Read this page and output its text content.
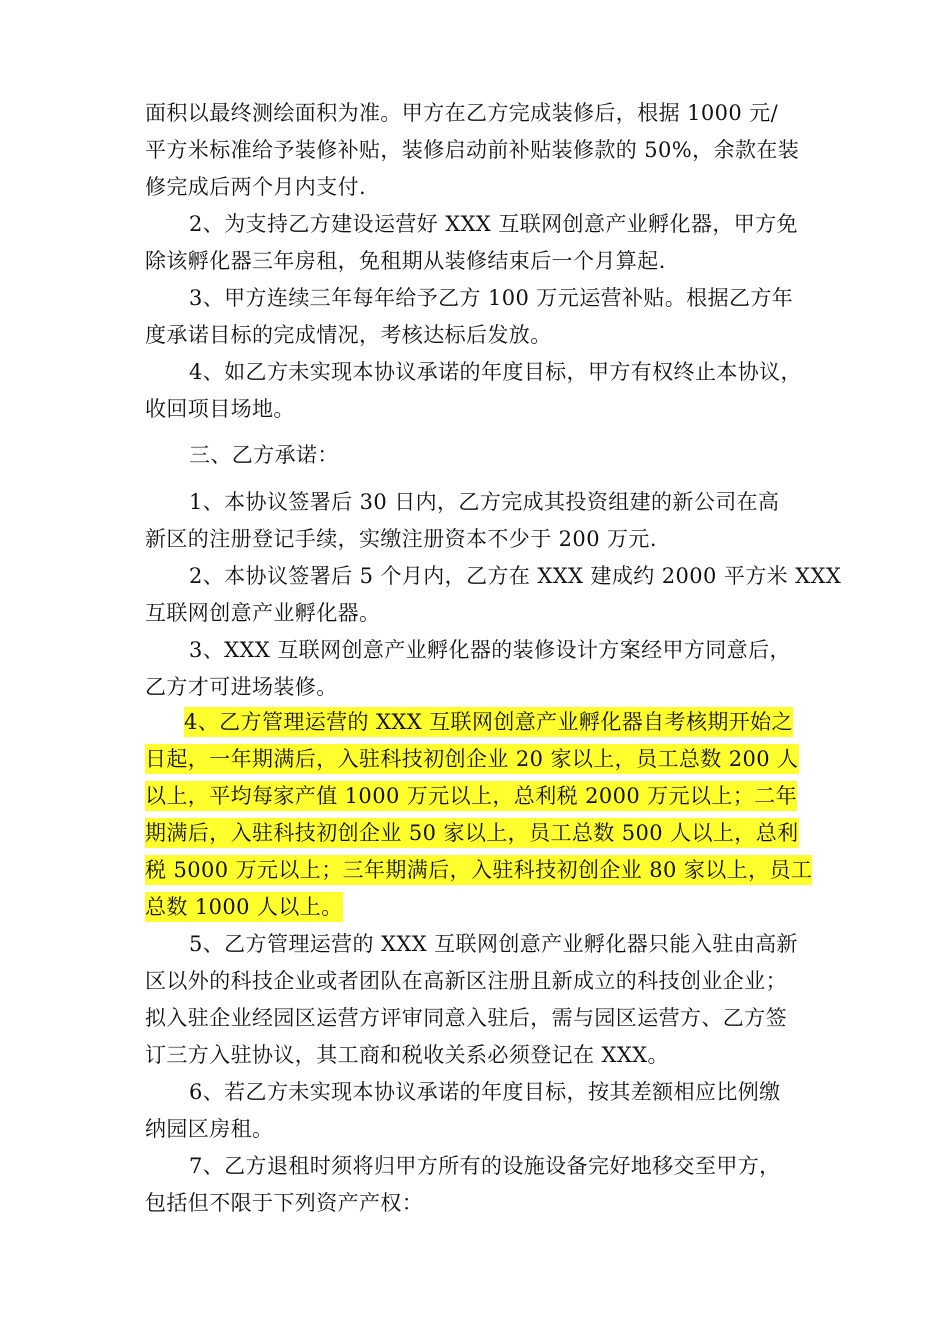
面积以最终测绘面积为准。甲方在乙方完成装修后，根据 1000 元/
平方米标准给予装修补贴，装修启动前补贴装修款的 50%，余款在装
修完成后两个月内支付.
2、为支持乙方建设运营好 XXX 互联网创意产业孵化器，甲方免
除该孵化器三年房租，免租期从装修结束后一个月算起.
3、甲方连续三年每年给予乙方 100 万元运营补贴。根据乙方年
度承诺目标的完成情况，考核达标后发放。
4、如乙方未实现本协议承诺的年度目标，甲方有权终止本协议，
收回项目场地。
三、乙方承诺：
1、本协议签署后 30 日内，乙方完成其投资组建的新公司在高
新区的注册登记手续，实缴注册资本不少于 200 万元.
2、本协议签署后 5 个月内，乙方在 XXX 建成约 2000 平方米 XXX
互联网创意产业孵化器。
3、XXX 互联网创意产业孵化器的装修设计方案经甲方同意后，
乙方才可进场装修。
4、乙方管理运营的 XXX 互联网创意产业孵化器自考核期开始之
日起，一年期满后，入驻科技初创企业 20 家以上，员工总数 200 人
以上，平均每家产值 1000 万元以上，总利税 2000 万元以上；二年
期满后，入驻科技初创企业 50 家以上，员工总数 500 人以上，总利
税 5000 万元以上；三年期满后，入驻科技初创企业 80 家以上，员工
总数 1000 人以上。
5、乙方管理运营的 XXX 互联网创意产业孵化器只能入驻由高新
区以外的科技企业或者团队在高新区注册且新成立的科技创业企业；
拟入驻企业经园区运营方评审同意入驻后，需与园区运营方、乙方签
订三方入驻协议，其工商和税收关系必须登记在 XXX。
6、若乙方未实现本协议承诺的年度目标，按其差额相应比例缴
纳园区房租。
7、乙方退租时须将归甲方所有的设施设备完好地移交至甲方，
包括但不限于下列资产产权：
